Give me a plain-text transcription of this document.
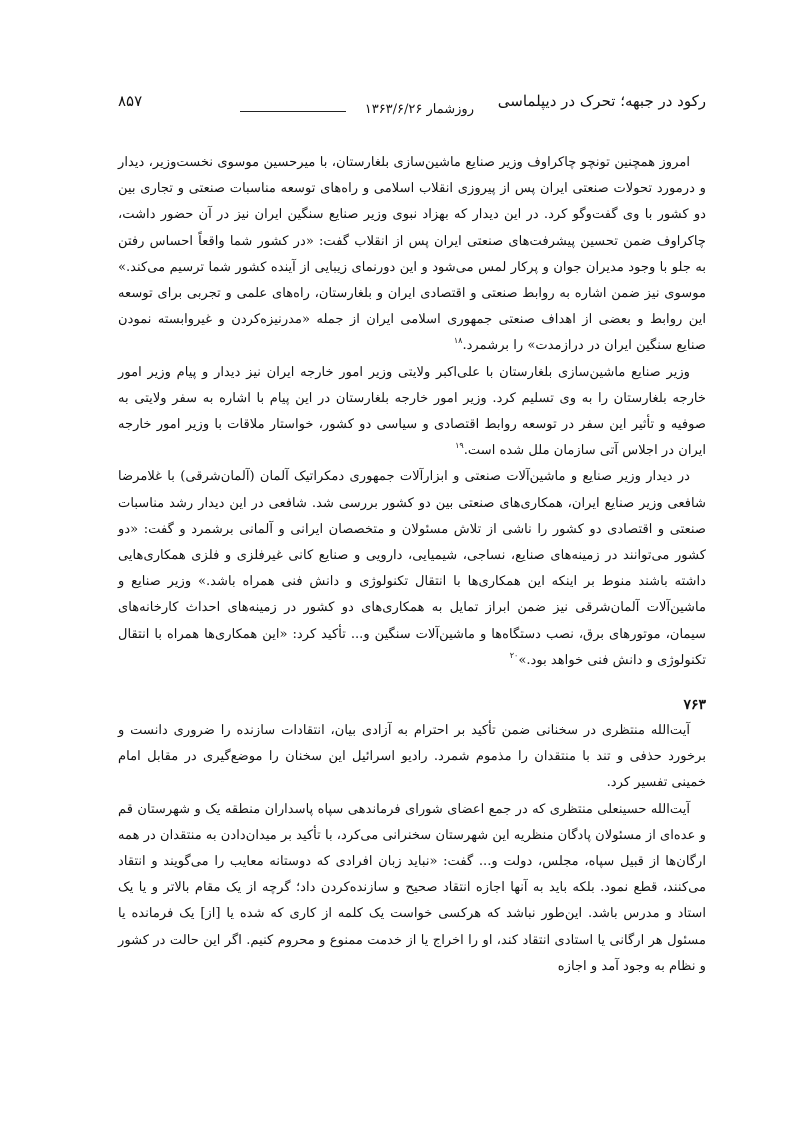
رکود در جبهه؛ تحرک در دیپلماسی
روزشمار ۱۳۶۳/۶/۲۶
۸۵۷

امروز همچنین تونچو چاکراوف وزیر صنایع ماشین‌سازی بلغارستان، با میرحسین موسوی نخست‌وزیر، دیدار و درمورد تحولات صنعتی ایران پس از پیروزی انقلاب اسلامی و راه‌های توسعه مناسبات صنعتی و تجاری بین دو کشور با وی گفت‌وگو کرد. در این دیدار که بهزاد نبوی وزیر صنایع سنگین ایران نیز در آن حضور داشت، چاکراوف ضمن تحسین پیشرفت‌های صنعتی ایران پس از انقلاب گفت: «در کشور شما واقعاً احساس رفتن به جلو با وجود مدیران جوان و پرکار لمس می‌شود و این دورنمای زیبایی از آینده کشور شما ترسیم می‌کند.» موسوی نیز ضمن اشاره به روابط صنعتی و اقتصادی ایران و بلغارستان، راه‌های علمی و تجربی برای توسعه این روابط و بعضی از اهداف صنعتی جمهوری اسلامی ایران از جمله «مدرنیزه‌کردن و غیروابسته نمودن صنایع سنگین ایران در درازمدت» را برشمرد.$^{۱۸}$

وزیر صنایع ماشین‌سازی بلغارستان با علی‌اکبر ولایتی وزیر امور خارجه ایران نیز دیدار و پیام وزیر امور خارجه بلغارستان را به وی تسلیم کرد. وزیر امور خارجه بلغارستان در این پیام با اشاره به سفر ولایتی به صوفیه و تأثیر این سفر در توسعه روابط اقتصادی و سیاسی دو کشور، خواستار ملاقات با وزیر امور خارجه ایران در اجلاس آتی سازمان ملل شده است.$^{۱۹}$

در دیدار وزیر صنایع و ماشین‌آلات صنعتی و ابزارآلات جمهوری دمکراتیک آلمان (آلمان‌شرقی) با غلامرضا شافعی وزیر صنایع ایران، همکاری‌های صنعتی بین دو کشور بررسی شد. شافعی در این دیدار رشد مناسبات صنعتی و اقتصادی دو کشور را ناشی از تلاش مسئولان و متخصصان ایرانی و آلمانی برشمرد و گفت: «دو کشور می‌توانند در زمینه‌های صنایع، نساجی، شیمیایی، دارویی و صنایع کانی غیرفلزی و فلزی همکاری‌هایی داشته باشند منوط بر اینکه این همکاری‌ها با انتقال تکنولوژی و دانش فنی همراه باشد.» وزیر صنایع و ماشین‌آلات آلمان‌شرقی نیز ضمن ابراز تمایل به همکاری‌های دو کشور در زمینه‌های احداث کارخانه‌های سیمان، موتورهای برق، نصب دستگاه‌ها و ماشین‌آلات سنگین و... تأکید کرد: «این همکاری‌ها همراه با انتقال تکنولوژی و دانش فنی خواهد بود.»$^{۲۰}$

۷۶۳

آیت‌الله منتظری در سخنانی ضمن تأکید بر احترام به آزادی بیان، انتقادات سازنده را ضروری دانست و برخورد حذفی و تند با منتقدان را مذموم شمرد. رادیو اسرائیل این سخنان را موضع‌گیری در مقابل امام خمینی تفسیر کرد.

آیت‌الله حسینعلی منتظری که در جمع اعضای شورای فرماندهی سپاه پاسداران منطقه یک و شهرستان قم و عده‌ای از مسئولان پادگان منظریه این شهرستان سخنرانی می‌کرد، با تأکید بر میدان‌دادن به منتقدان در همه ارگان‌ها از قبیل سپاه، مجلس، دولت و... گفت: «نباید زبان افرادی که دوستانه معایب را می‌گویند و انتقاد می‌کنند، قطع نمود. بلکه باید به آنها اجازه انتقاد صحیح و سازنده‌کردن داد؛ گرچه از یک مقام بالاتر و یا یک استاد و مدرس باشد. این‌طور نباشد که هرکسی خواست یک کلمه از کاری که شده یا [از] یک فرمانده یا مسئول هر ارگانی یا استادی انتقاد کند، او را اخراج یا از خدمت ممنوع و محروم کنیم. اگر این حالت در کشور و نظام به وجود آمد و اجازه
